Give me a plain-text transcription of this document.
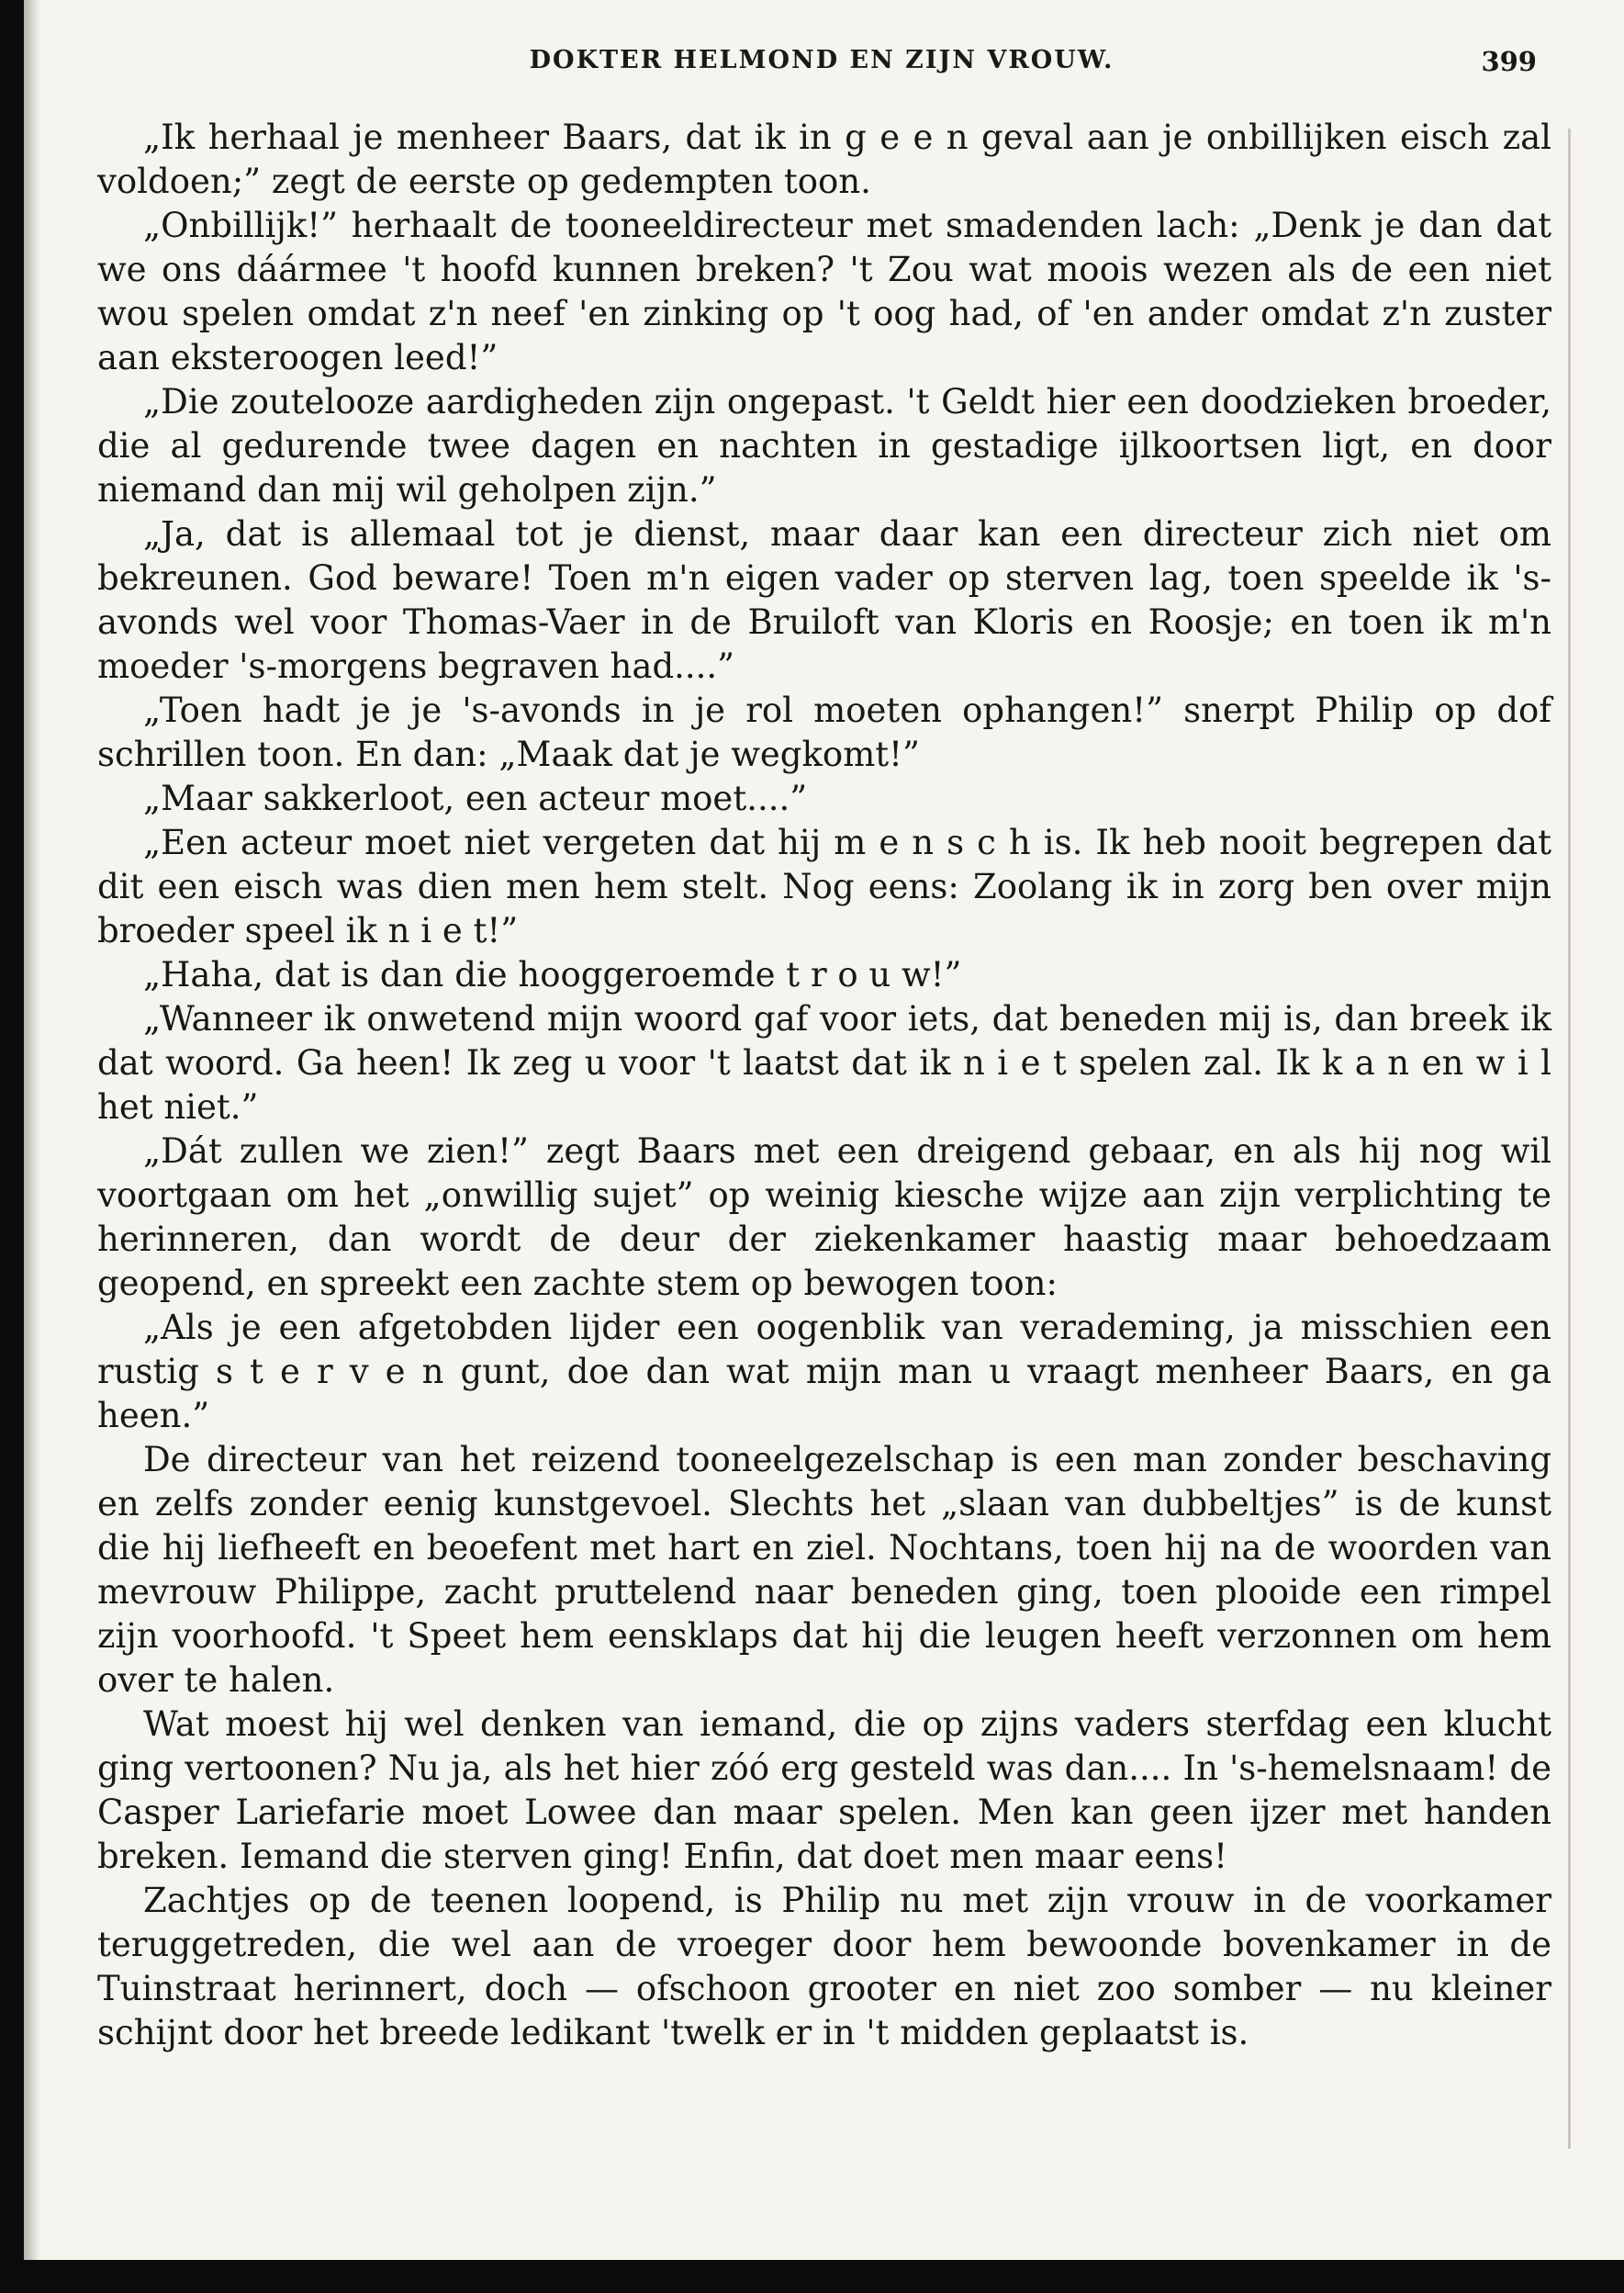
DOKTER HELMOND EN ZIJN VROUW.	399

„Ik herhaal je menheer Baars, dat ik in g e e n geval aan je onbillijken eisch zal voldoen;” zegt de eerste op gedempten toon.

„Onbillijk!” herhaalt de tooneeldirecteur met smadenden lach: „Denk je dan dat we ons dáármee 't hoofd kunnen breken? 't Zou wat moois wezen als de een niet wou spelen omdat z'n neef 'en zinking op 't oog had, of 'en ander omdat z'n zuster aan eksteroogen leed!”

„Die zoutelooze aardigheden zijn ongepast. 't Geldt hier een doodzieken broeder, die al gedurende twee dagen en nachten in gestadige ijlkoortsen ligt, en door niemand dan mij wil geholpen zijn.”

„Ja, dat is allemaal tot je dienst, maar daar kan een directeur zich niet om bekreunen. God beware! Toen m'n eigen vader op sterven lag, toen speelde ik 's-avonds wel voor Thomas-Vaer in de Bruiloft van Kloris en Roosje; en toen ik m'n moeder 's-morgens begraven had....”

„Toen hadt je je 's-avonds in je rol moeten ophangen!” snerpt Philip op dof schrillen toon. En dan: „Maak dat je wegkomt!”

„Maar sakkerloot, een acteur moet....”

„Een acteur moet niet vergeten dat hij m e n s c h is. Ik heb nooit begrepen dat dit een eisch was dien men hem stelt. Nog eens: Zoolang ik in zorg ben over mijn broeder speel ik n i e t!”

„Haha, dat is dan die hooggeroemde t r o u w!”

„Wanneer ik onwetend mijn woord gaf voor iets, dat beneden mij is, dan breek ik dat woord. Ga heen! Ik zeg u voor 't laatst dat ik n i e t spelen zal. Ik k a n en w i l het niet.”

„Dát zullen we zien!” zegt Baars met een dreigend gebaar, en als hij nog wil voortgaan om het „onwillig sujet” op weinig kiesche wijze aan zijn verplichting te herinneren, dan wordt de deur der ziekenkamer haastig maar behoedzaam geopend, en spreekt een zachte stem op bewogen toon:

„Als je een afgetobden lijder een oogenblik van verademing, ja misschien een rustig s t e r v e n gunt, doe dan wat mijn man u vraagt menheer Baars, en ga heen.”

De directeur van het reizend tooneelgezelschap is een man zonder beschaving en zelfs zonder eenig kunstgevoel. Slechts het „slaan van dubbeltjes” is de kunst die hij liefheeft en beoefent met hart en ziel. Nochtans, toen hij na de woorden van mevrouw Philippe, zacht pruttelend naar beneden ging, toen plooide een rimpel zijn voorhoofd. 't Speet hem eensklaps dat hij die leugen heeft verzonnen om hem over te halen.

Wat moest hij wel denken van iemand, die op zijns vaders sterfdag een klucht ging vertoonen? Nu ja, als het hier zóó erg gesteld was dan.... In 's-hemelsnaam! de Casper Lariefarie moet Lowee dan maar spelen. Men kan geen ijzer met handen breken. Iemand die sterven ging! Enfin, dat doet men maar eens!

Zachtjes op de teenen loopend, is Philip nu met zijn vrouw in de voorkamer teruggetreden, die wel aan de vroeger door hem bewoonde bovenkamer in de Tuinstraat herinnert, doch — ofschoon grooter en niet zoo somber — nu kleiner schijnt door het breede ledikant 'twelk er in 't midden geplaatst is.
